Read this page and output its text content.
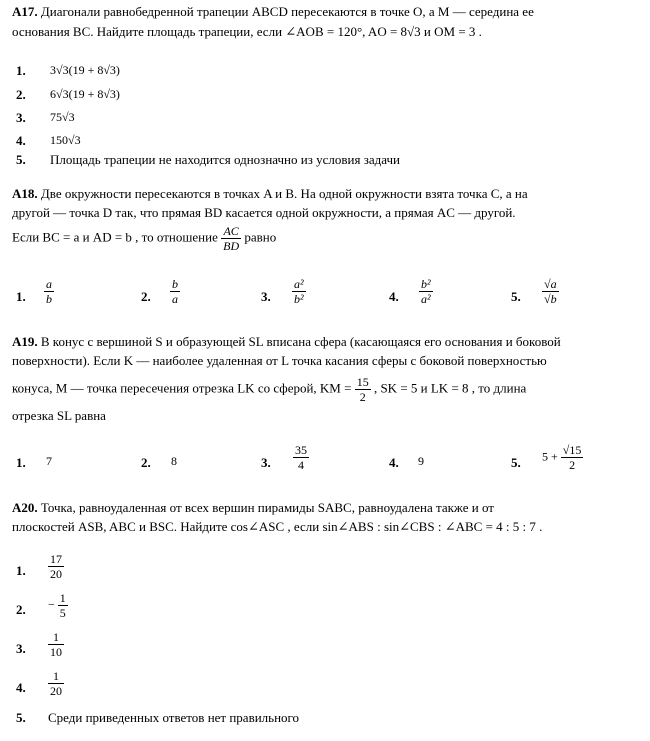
A17. Диагонали равнобедренной трапеции ABCD пересекаются в точке O, а M — середина ее
основания BC. Найдите площадь трапеции, если ∠AOB = 120°, AO = 8√3 и OM = 3 .
1. 3√3(19 + 8√3)
2. 6√3(19 + 8√3)
3. 75√3
4. 150√3
5. Площадь трапеции не находится однозначно из условия задачи
A18. Две окружности пересекаются в точках A и B. На одной окружности взята точка C, а на
другой — точка D так, что прямая BD касается одной окружности, а прямая AC — другой.
Если BC = a и AD = b , то отношение $\frac{AC}{BD}$ равно
1. $\frac{a}{b}$	2. $\frac{b}{a}$	3. $\frac{\text{a²}}{\text{b²}}$	4. $\frac{\text{b²}}{\text{a²}}$	5. $\frac{√a}{√b}$
A19. В конус с вершиной S и образующей SL вписана сфера (касающаяся его основания и боковой
поверхности). Если K — наиболее удаленная от L точка касания сферы с боковой поверхностью
конуса, M — точка пересечения отрезка LK со сферой, KM = $\frac{15}{2}$ , SK = 5 и LK = 8 , то длина
отрезка SL равна
1. 7	2. 8	3. $\frac{35}{4}$	4. 9	5. $5 + \frac{√15}{2}$
A20. Точка, равноудаленная от всех вершин пирамиды SABC, равноудалена также и от
плоскостей ASB, ABC и BSC. Найдите cos∠ASC , если sin∠ABS : sin∠CBS : ∠ABC = 4 : 5 : 7 .
1. $\frac{17}{20}$
2. − $\frac{1}{5}$
3. $\frac{1}{10}$
4. $\frac{1}{20}$
5. Среди приведенных ответов нет правильного
